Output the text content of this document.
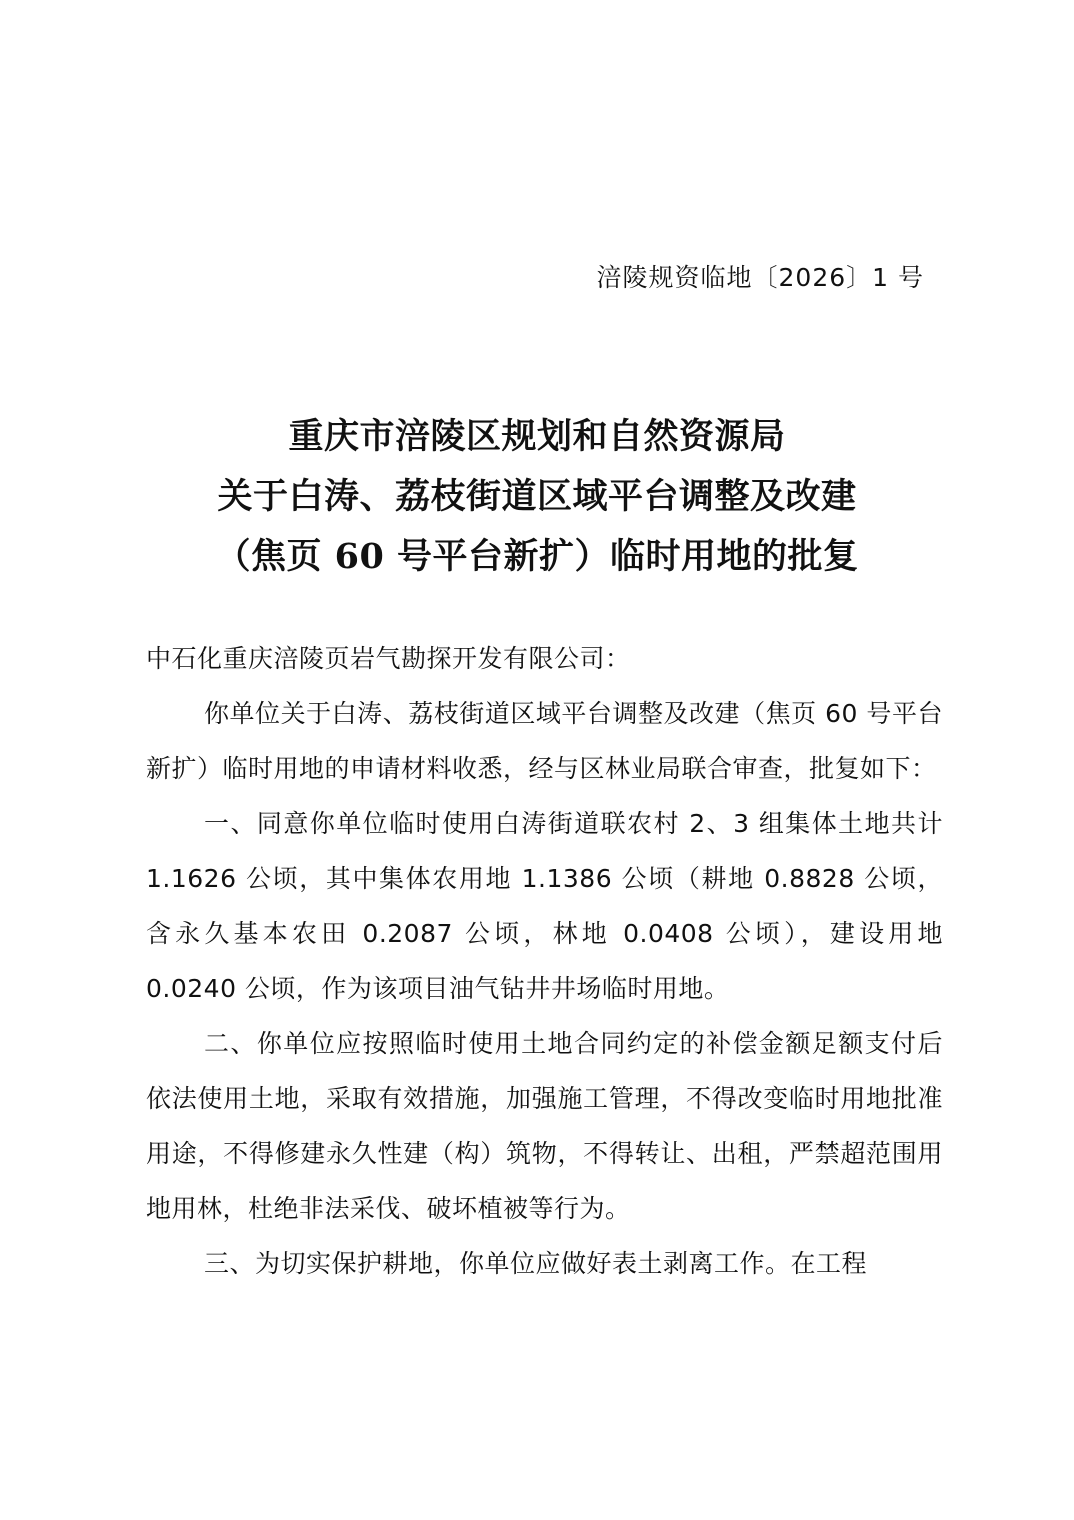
涪陵规资临地〔2026〕1 号
重庆市涪陵区规划和自然资源局
关于白涛、荔枝街道区域平台调整及改建
（焦页 60 号平台新扩）临时用地的批复

中石化重庆涪陵页岩气勘探开发有限公司：

你单位关于白涛、荔枝街道区域平台调整及改建（焦页 60 号平台新扩）临时用地的申请材料收悉，经与区林业局联合审查，批复如下：

一、同意你单位临时使用白涛街道联农村 2、3 组集体土地共计 1.1626 公顷，其中集体农用地 1.1386 公顷（耕地 0.8828 公顷，含永久基本农田 0.2087 公顷，林地 0.0408 公顷），建设用地 0.0240 公顷，作为该项目油气钻井井场临时用地。

二、你单位应按照临时使用土地合同约定的补偿金额足额支付后依法使用土地，采取有效措施，加强施工管理，不得改变临时用地批准用途，不得修建永久性建（构）筑物，不得转让、出租，严禁超范围用地用林，杜绝非法采伐、破坏植被等行为。

三、为切实保护耕地，你单位应做好表土剥离工作。在工程
